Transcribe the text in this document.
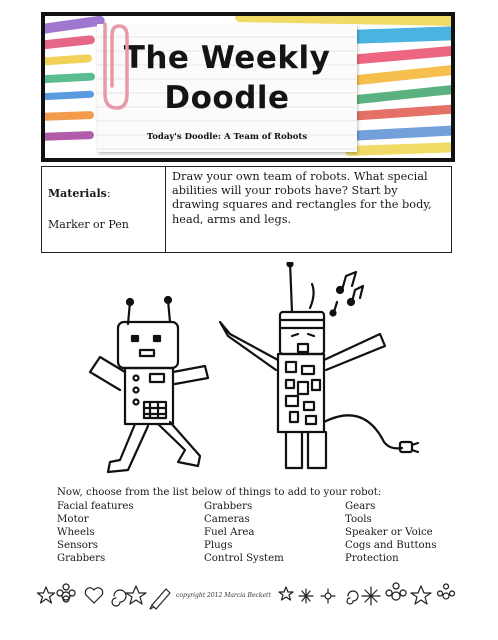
The Weekly
Doodle
Today's Doodle: A Team of Robots
Materials:
Marker or Pen
Draw your own team of robots. What special abilities will your robots have? Start by drawing squares and rectangles for the body, head, arms and legs.
Now, choose from the list below of things to add to your robot:
Facial features
Motor
Wheels
Sensors
Grabbers
Grabbers
Cameras
Fuel Area
Plugs
Control System
Gears
Tools
Speaker or Voice
Cogs and Buttons
Protection
copyright 2012 Marcia Beckett
